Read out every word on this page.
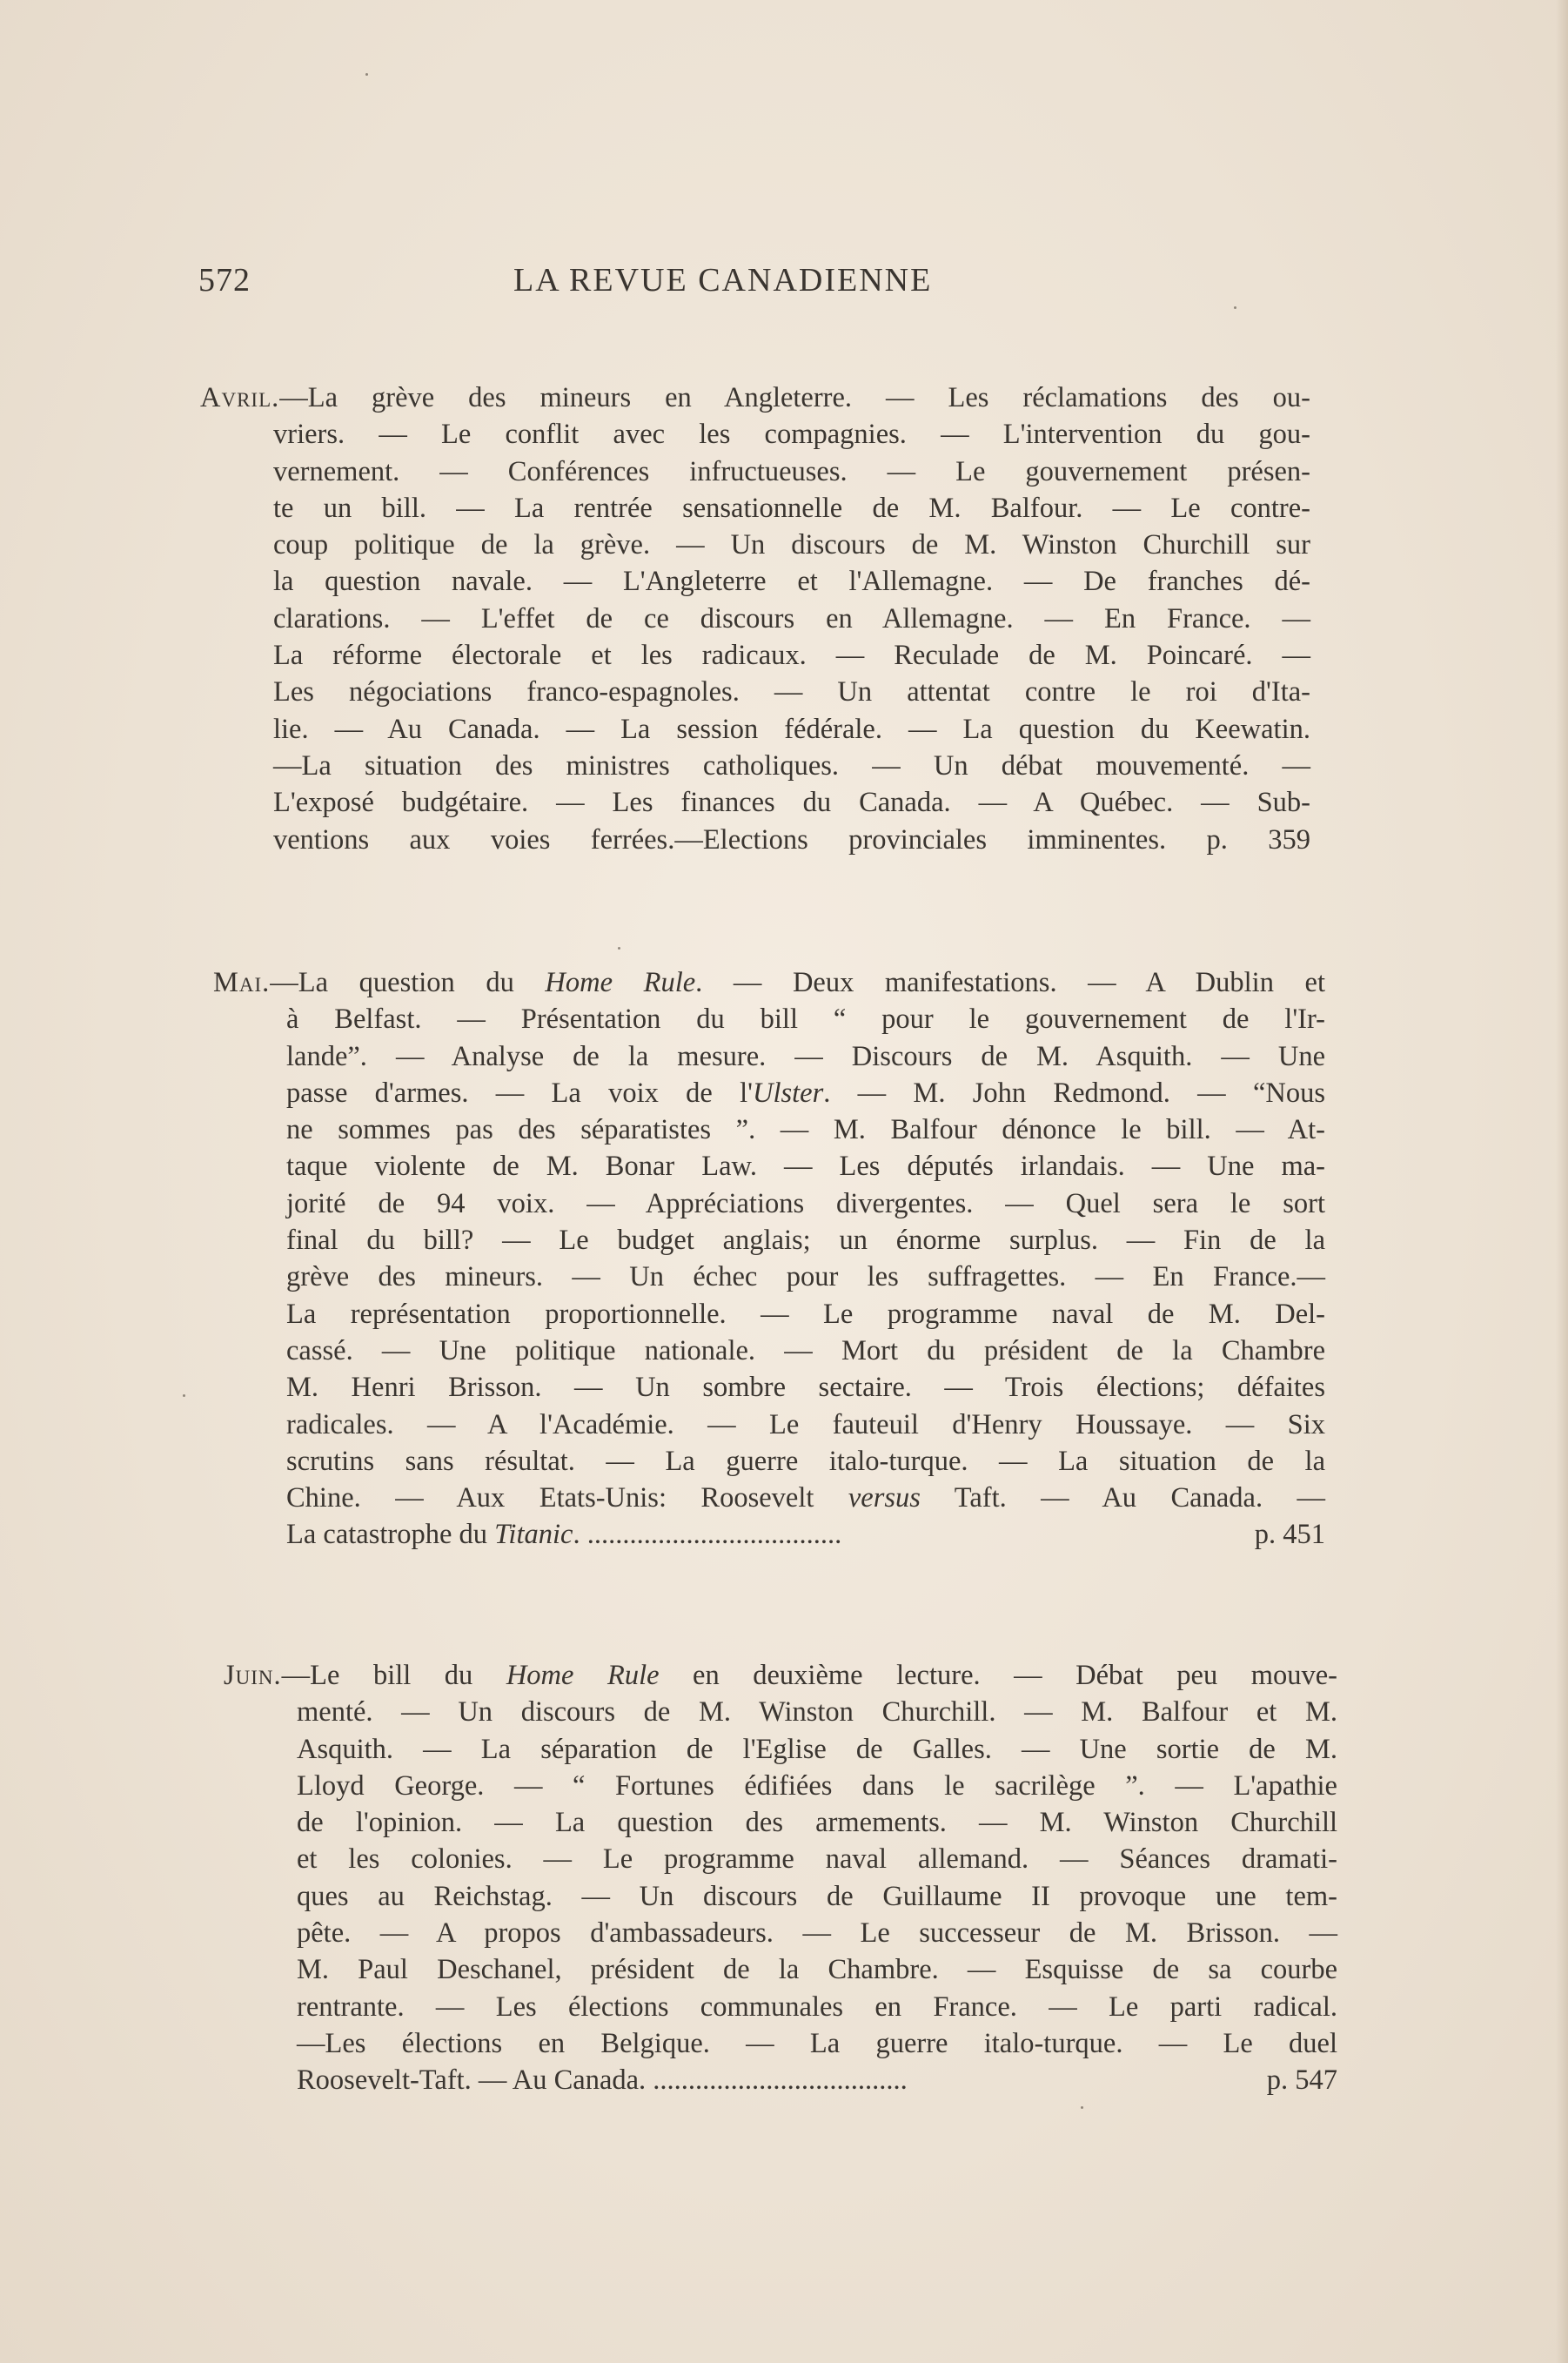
572	LA REVUE CANADIENNE
Avril.—La grève des mineurs en Angleterre. — Les réclamations des ou-
vriers. — Le conflit avec les compagnies. — L'intervention du gou-
vernement. — Conférences infructueuses. — Le gouvernement présen-
te un bill. — La rentrée sensationnelle de M. Balfour. — Le contre-
coup politique de la grève. — Un discours de M. Winston Churchill sur
la question navale. — L'Angleterre et l'Allemagne. — De franches dé-
clarations. — L'effet de ce discours en Allemagne. — En France. —
La réforme électorale et les radicaux. — Reculade de M. Poincaré. —
Les négociations franco-espagnoles. — Un attentat contre le roi d'Ita-
lie. — Au Canada. — La session fédérale. — La question du Keewatin.
—La situation des ministres catholiques. — Un débat mouvementé. —
L'exposé budgétaire. — Les finances du Canada. — A Québec. — Sub-
ventions aux voies ferrées.—Elections provinciales imminentes. p. 359
Mai.—La question du Home Rule. — Deux manifestations. — A Dublin et
à Belfast. — Présentation du bill “ pour le gouvernement de l'Ir-
lande”. — Analyse de la mesure. — Discours de M. Asquith. — Une
passe d'armes. — La voix de l'Ulster. — M. John Redmond. — “Nous
ne sommes pas des séparatistes ”. — M. Balfour dénonce le bill. — At-
taque violente de M. Bonar Law. — Les députés irlandais. — Une ma-
jorité de 94 voix. — Appréciations divergentes. — Quel sera le sort
final du bill? — Le budget anglais; un énorme surplus. — Fin de la
grève des mineurs. — Un échec pour les suffragettes. — En France.—
La représentation proportionnelle. — Le programme naval de M. Del-
cassé. — Une politique nationale. — Mort du président de la Chambre
M. Henri Brisson. — Un sombre sectaire. — Trois élections; défaites
radicales. — A l'Académie. — Le fauteuil d'Henry Houssaye. — Six
scrutins sans résultat. — La guerre italo-turque. — La situation de la
Chine. — Aux Etats-Unis: Roosevelt versus Taft. — Au Canada. —
La catastrophe du Titanic. ....................................	p. 451
Juin.—Le bill du Home Rule en deuxième lecture. — Débat peu mouve-
menté. — Un discours de M. Winston Churchill. — M. Balfour et M.
Asquith. — La séparation de l'Eglise de Galles. — Une sortie de M.
Lloyd George. — “ Fortunes édifiées dans le sacrilège ”. — L'apathie
de l'opinion. — La question des armements. — M. Winston Churchill
et les colonies. — Le programme naval allemand. — Séances dramati-
ques au Reichstag. — Un discours de Guillaume II provoque une tem-
pête. — A propos d'ambassadeurs. — Le successeur de M. Brisson. —
M. Paul Deschanel, président de la Chambre. — Esquisse de sa courbe
rentrante. — Les élections communales en France. — Le parti radical.
—Les élections en Belgique. — La guerre italo-turque. — Le duel
Roosevelt-Taft. — Au Canada. ....................................	p. 547
